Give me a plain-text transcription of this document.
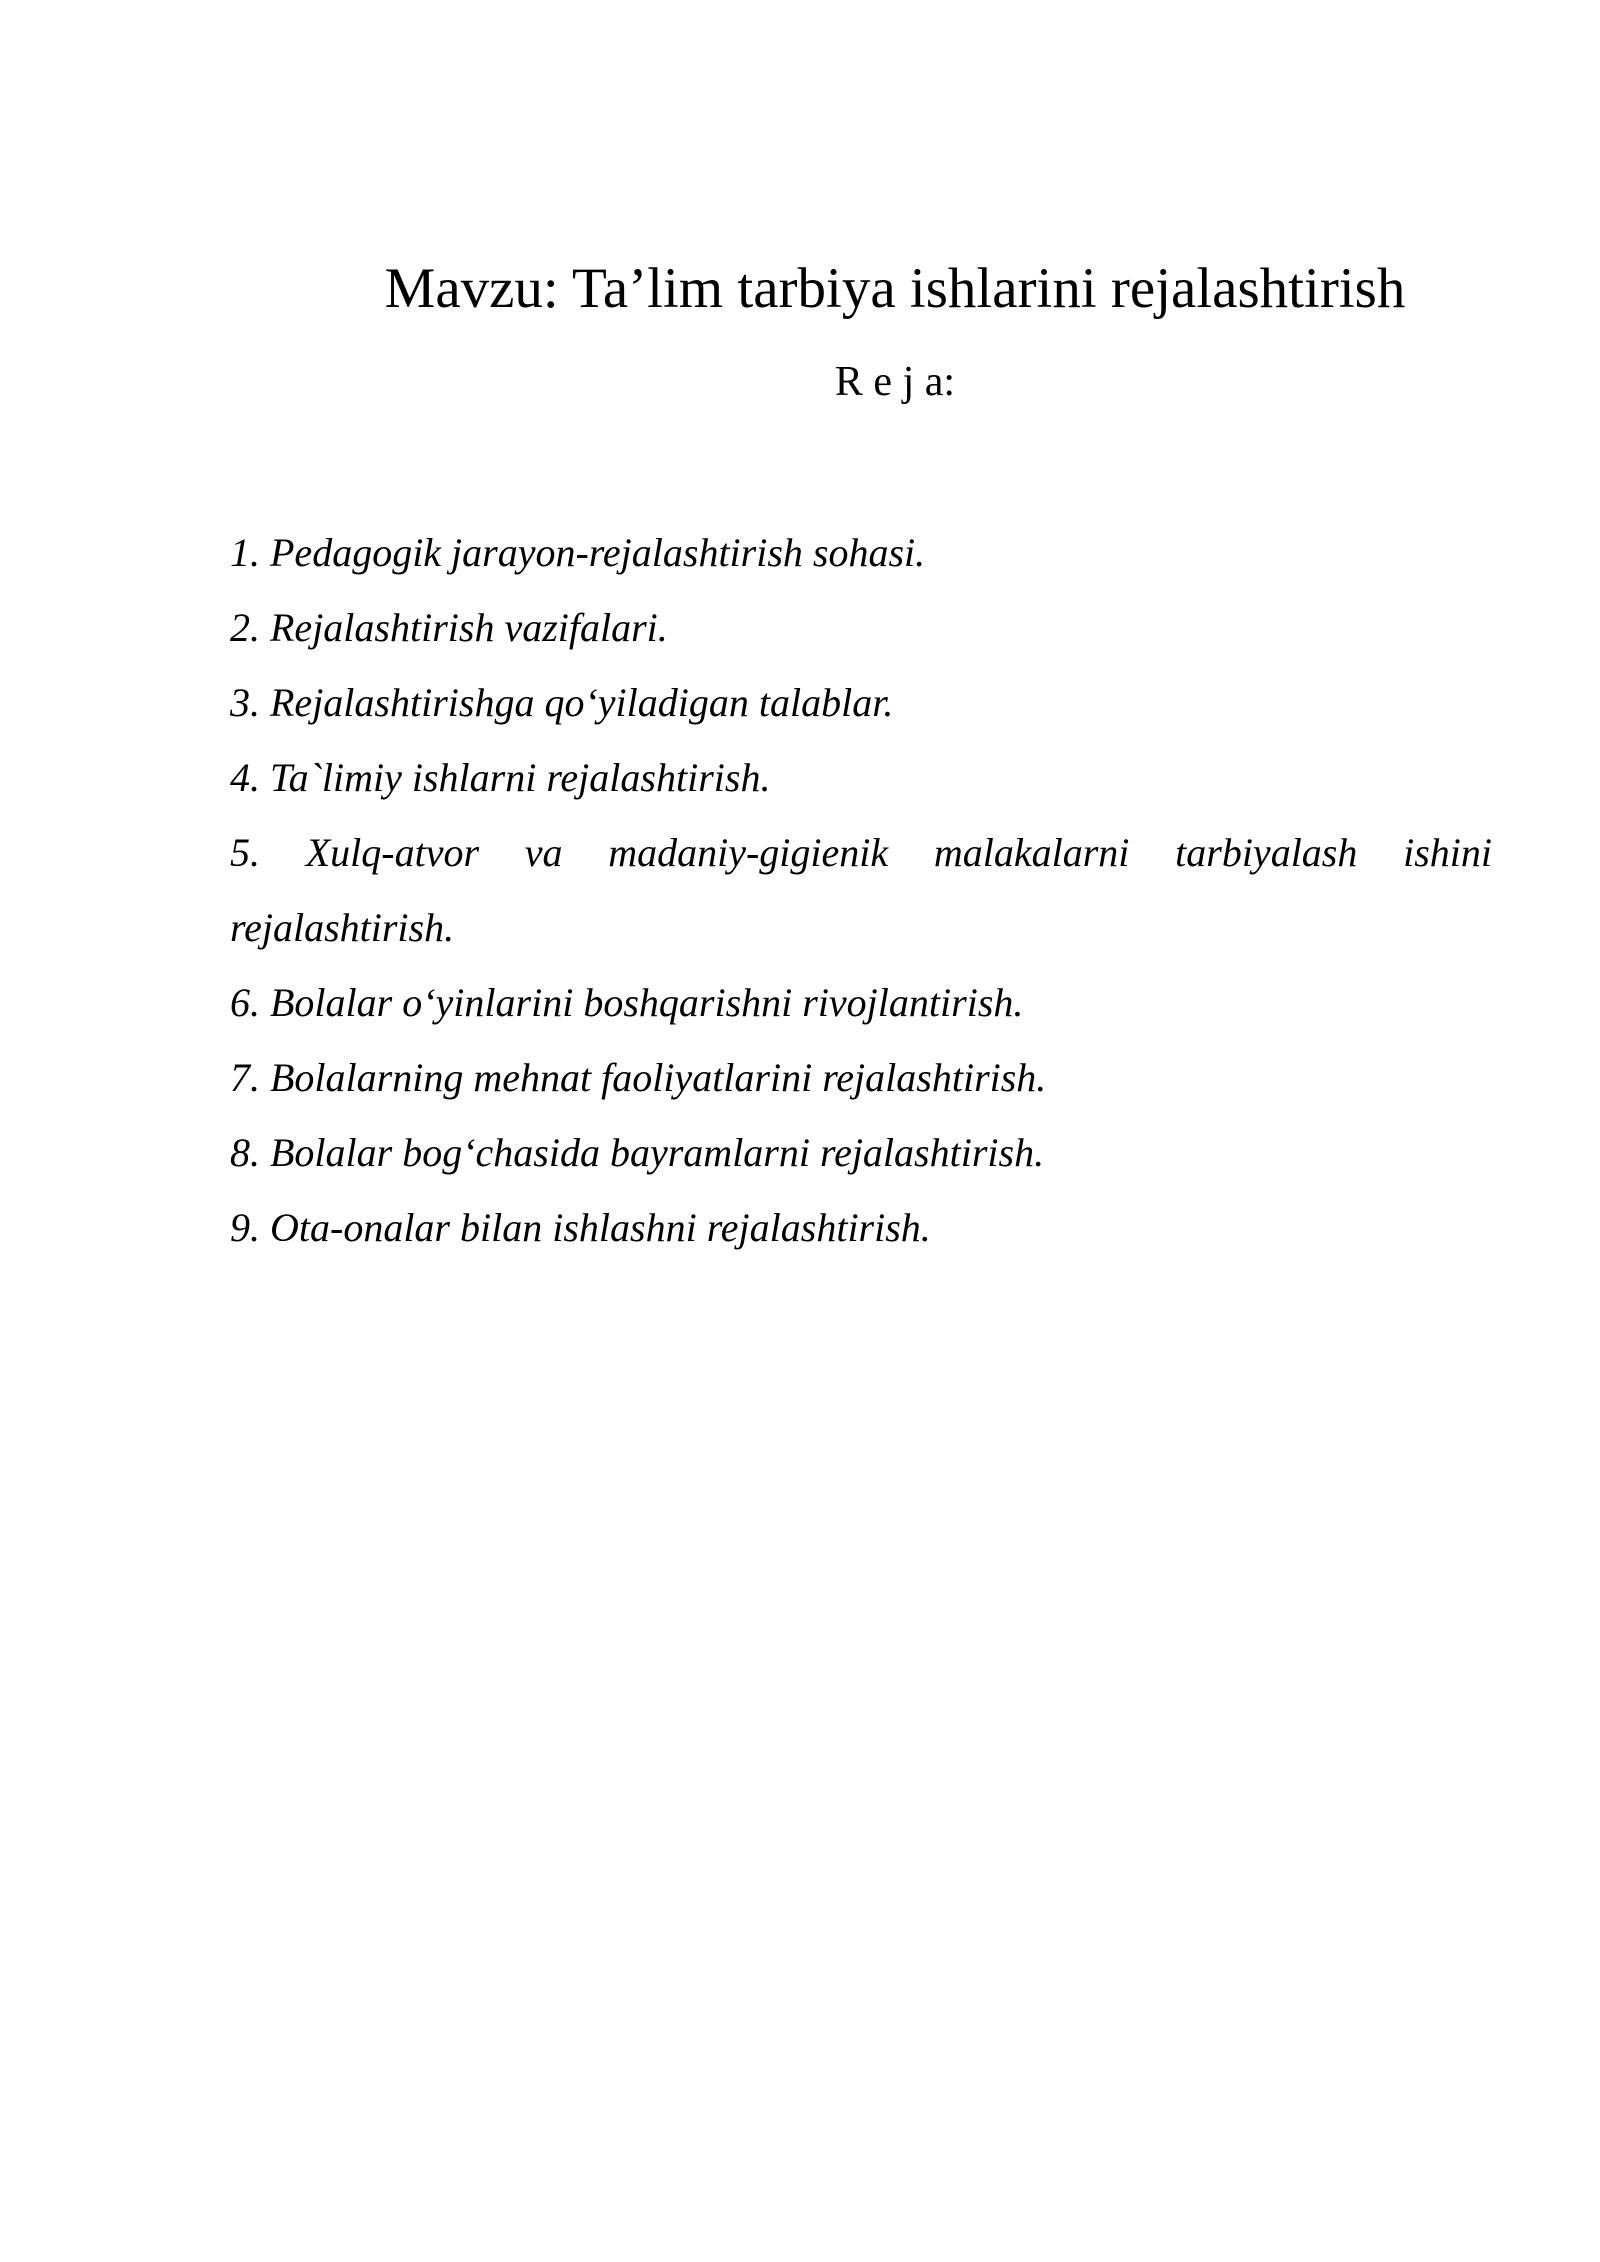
Mavzu: Ta’lim tarbiya ishlarini rejalashtirish
R e j a:
1. Pedagogik jarayon-rejalashtirish sohasi.
2. Rejalashtirish vazifalari.
3. Rejalashtirishga qo‘yiladigan talablar.
4. Ta`limiy ishlarni rejalashtirish.
5. Xulq-atvor va madaniy-gigienik malakalarni tarbiyalash ishini rejalashtirish.
6. Bolalar o‘yinlarini boshqarishni rivojlantirish.
7. Bolalarning mehnat faoliyatlarini rejalashtirish.
8. Bolalar bog‘chasida bayramlarni rejalashtirish.
9. Ota-onalar bilan ishlashni rejalashtirish.
